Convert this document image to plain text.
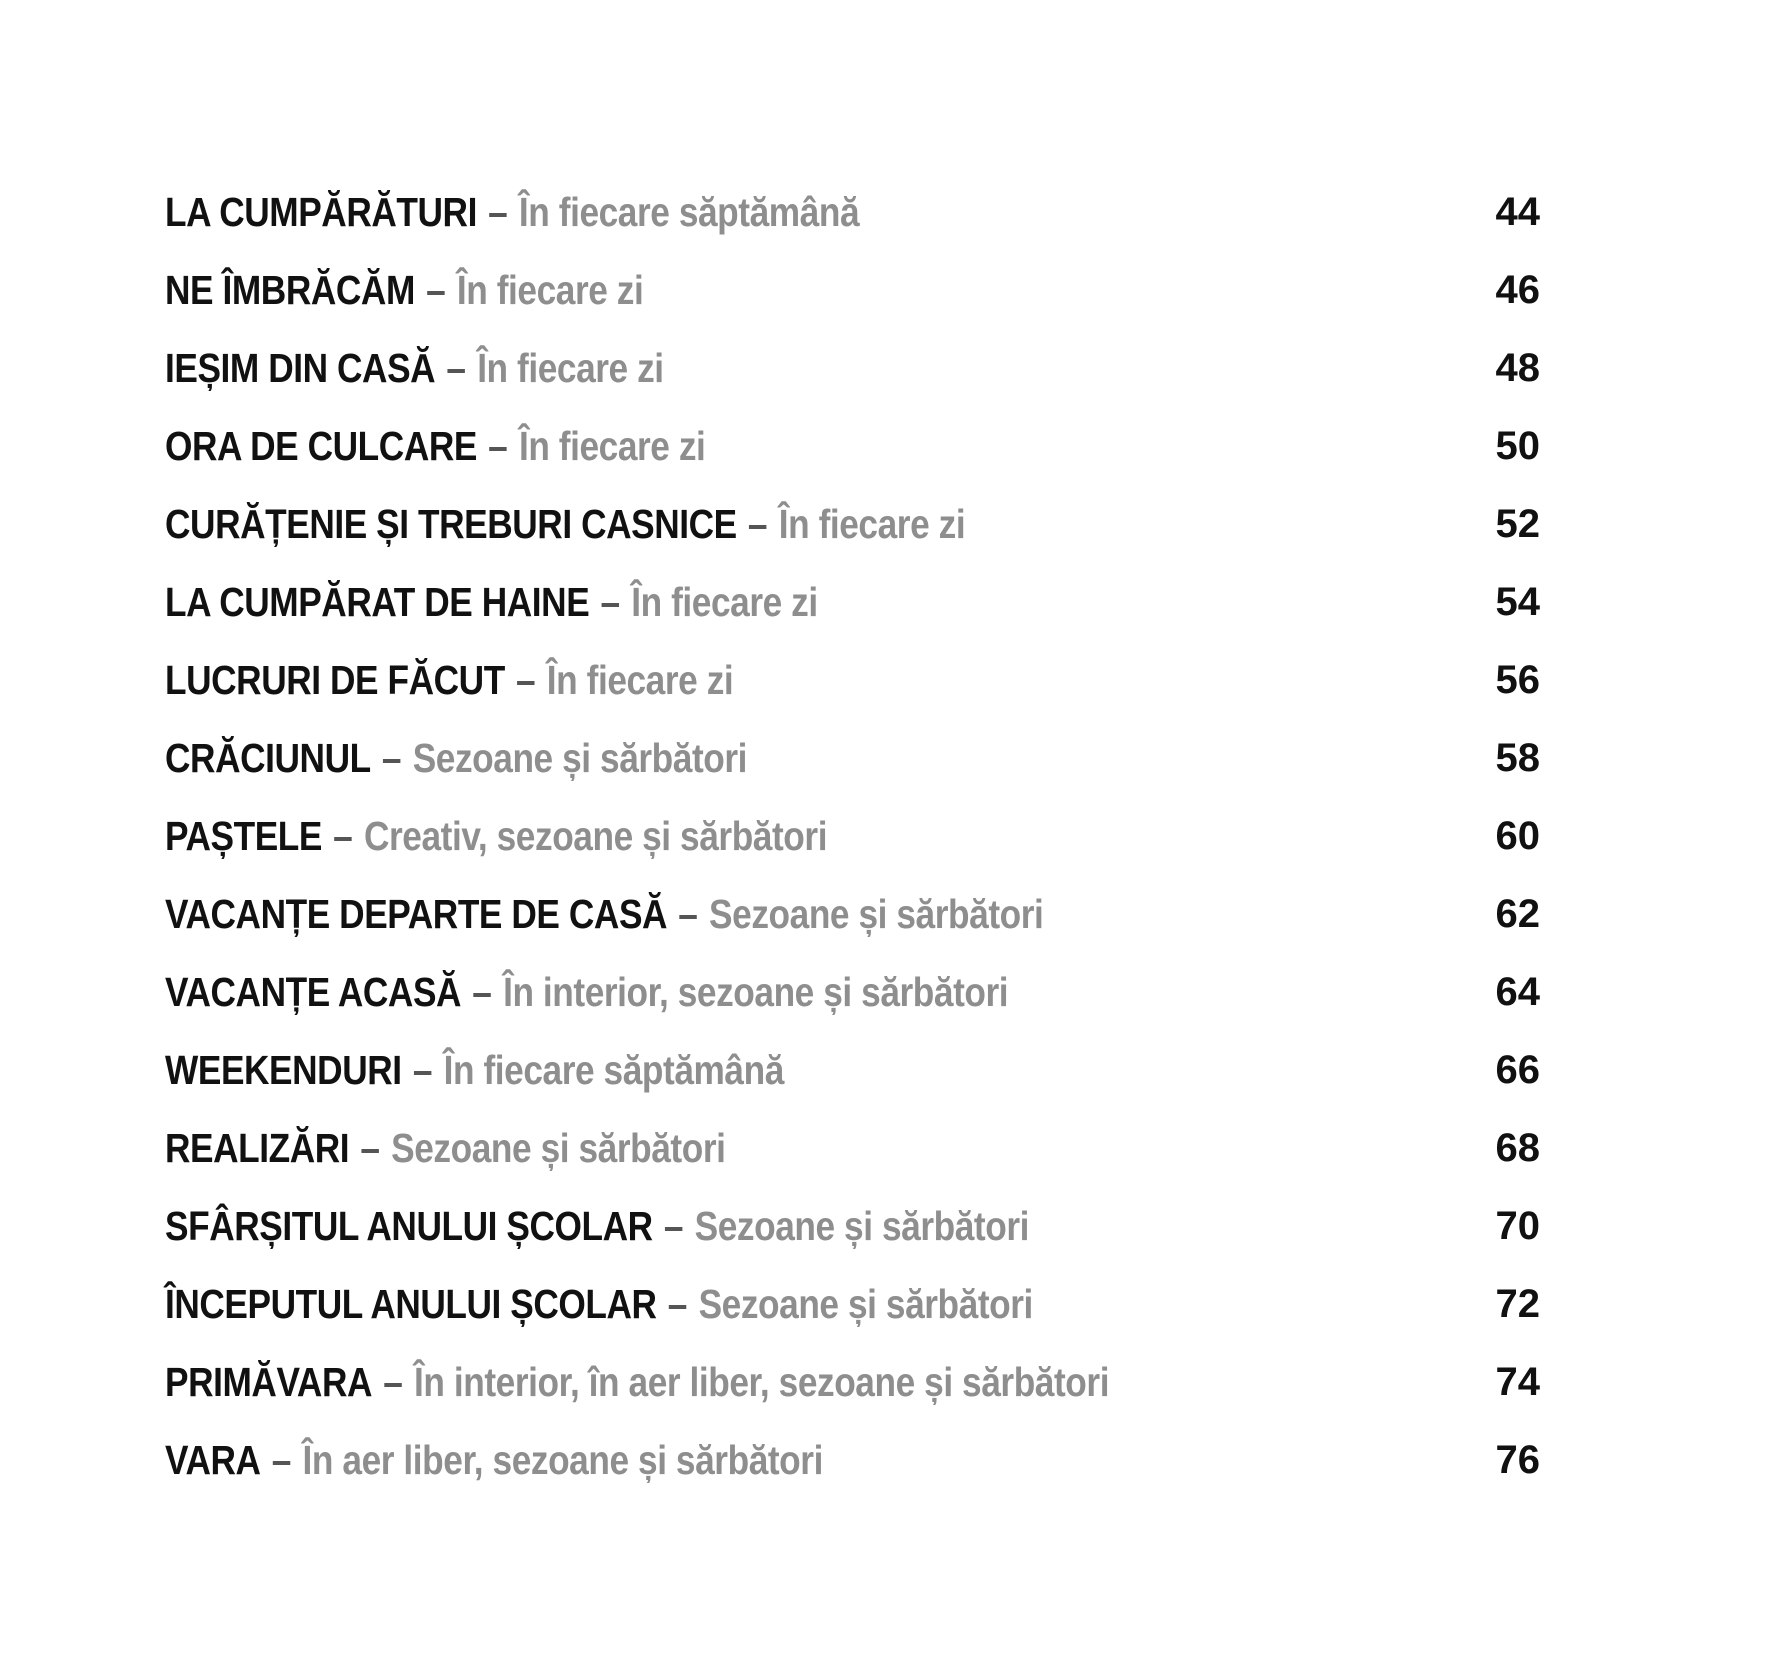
LA CUMPĂRĂTURI – În fiecare săptămână	44
NE ÎMBRĂCĂM – În fiecare zi	46
IEȘIM DIN CASĂ – În fiecare zi	48
ORA DE CULCARE – În fiecare zi	50
CURĂȚENIE ȘI TREBURI CASNICE – În fiecare zi	52
LA CUMPĂRAT DE HAINE – În fiecare zi	54
LUCRURI DE FĂCUT – În fiecare zi	56
CRĂCIUNUL – Sezoane și sărbători	58
PAȘTELE – Creativ, sezoane și sărbători	60
VACANȚE DEPARTE DE CASĂ – Sezoane și sărbători	62
VACANȚE ACASĂ – În interior, sezoane și sărbători	64
WEEKENDURI – În fiecare săptămână	66
REALIZĂRI – Sezoane și sărbători	68
SFÂRȘITUL ANULUI ȘCOLAR – Sezoane și sărbători	70
ÎNCEPUTUL ANULUI ȘCOLAR – Sezoane și sărbători	72
PRIMĂVARA – În interior, în aer liber, sezoane și sărbători	74
VARA – În aer liber, sezoane și sărbători	76
